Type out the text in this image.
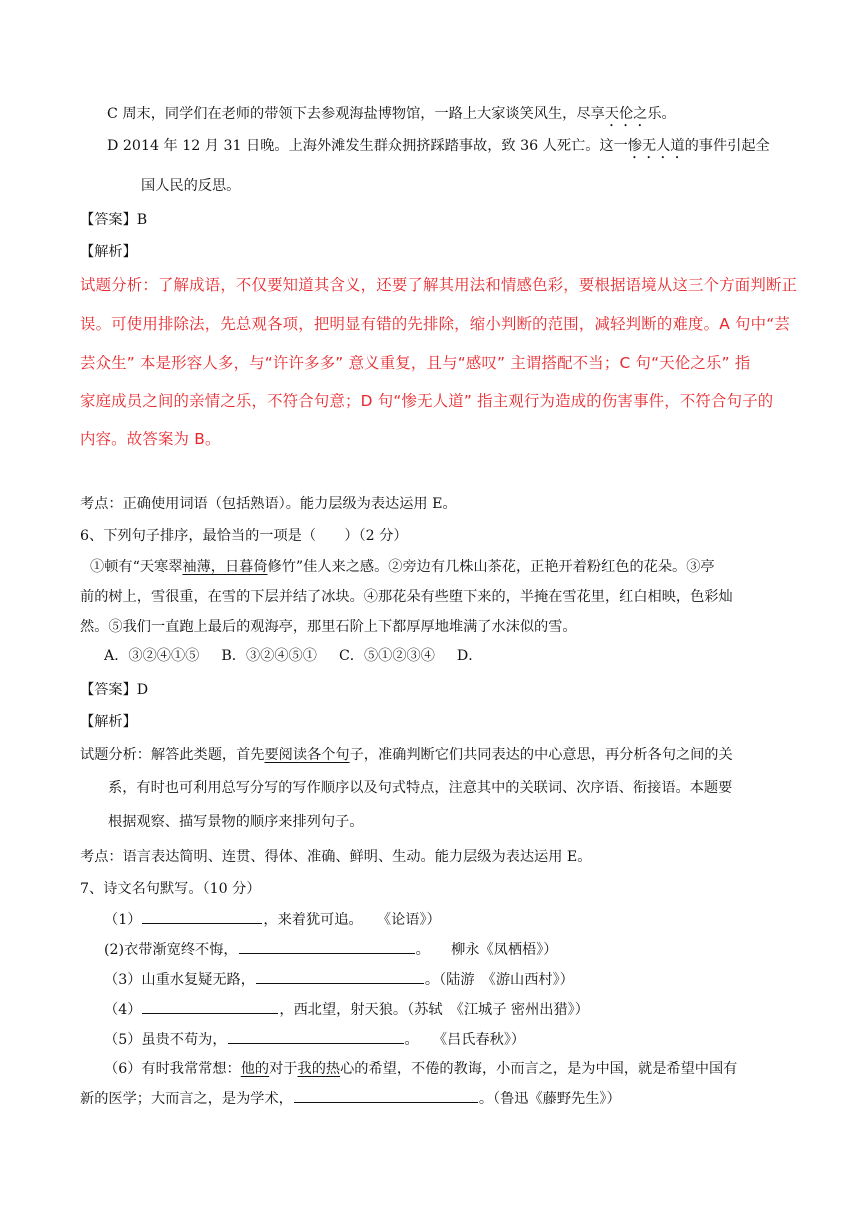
C 周末，同学们在老师的带领下去参观海盐博物馆，一路上大家谈笑风生，尽享天伦之乐。
D 2014 年 12 月 31 日晚。上海外滩发生群众拥挤踩踏事故，致 36 人死亡。这一惨无人道的事件引起全
国人民的反思。
【答案】B
【解析】
试题分析：了解成语，不仅要知道其含义，还要了解其用法和情感色彩，要根据语境从这三个方面判断正
误。可使用排除法，先总观各项，把明显有错的先排除，缩小判断的范围，减轻判断的难度。A 句中“芸
芸众生” 本是形容人多，与“许许多多” 意义重复，且与“感叹” 主谓搭配不当；C 句“天伦之乐” 指
家庭成员之间的亲情之乐，不符合句意；D 句“惨无人道” 指主观行为造成的伤害事件，不符合句子的
内容。故答案为 B。
考点：正确使用词语（包括熟语）。能力层级为表达运用 E。
6、下列句子排序，最恰当的一项是（　　）（2 分）
①顿有“天寒翠袖薄，日暮倚修竹”佳人来之感。②旁边有几株山茶花，正艳开着粉红色的花朵。③亭
前的树上，雪很重，在雪的下层并结了冰块。④那花朵有些堕下来的，半掩在雪花里，红白相映，色彩灿
然。⑤我们一直跑上最后的观海亭，那里石阶上下都厚厚地堆满了水沫似的雪。
A．③②④①⑤ B．③②④⑤① C．⑤①②③④ D．
【答案】D
【解析】
试题分析：解答此类题，首先要阅读各个句子，准确判断它们共同表达的中心意思，再分析各句之间的关
系，有时也可利用总写分写的写作顺序以及句式特点，注意其中的关联词、次序语、衔接语。本题要
根据观察、描写景物的顺序来排列句子。
考点：语言表达简明、连贯、得体、准确、鲜明、生动。能力层级为表达运用 E。
7、诗文名句默写。（10 分）
（1）	，来着犹可追。　　《论语》）
(2)衣带渐宽终不悔，	。　　柳永《凤栖梧》）
（3）山重水复疑无路，	。（陆游　《游山西村》）
（4）	，西北望，射天狼。（苏轼　《江城子 密州出猎》）
（5）虽贵不苟为，	。　　《吕氏春秋》）
（6）有时我常常想：他的对于我的热心的希望，不倦的教诲，小而言之，是为中国，就是希望中国有
新的医学；大而言之，是为学术，	。（鲁迅《藤野先生》）
